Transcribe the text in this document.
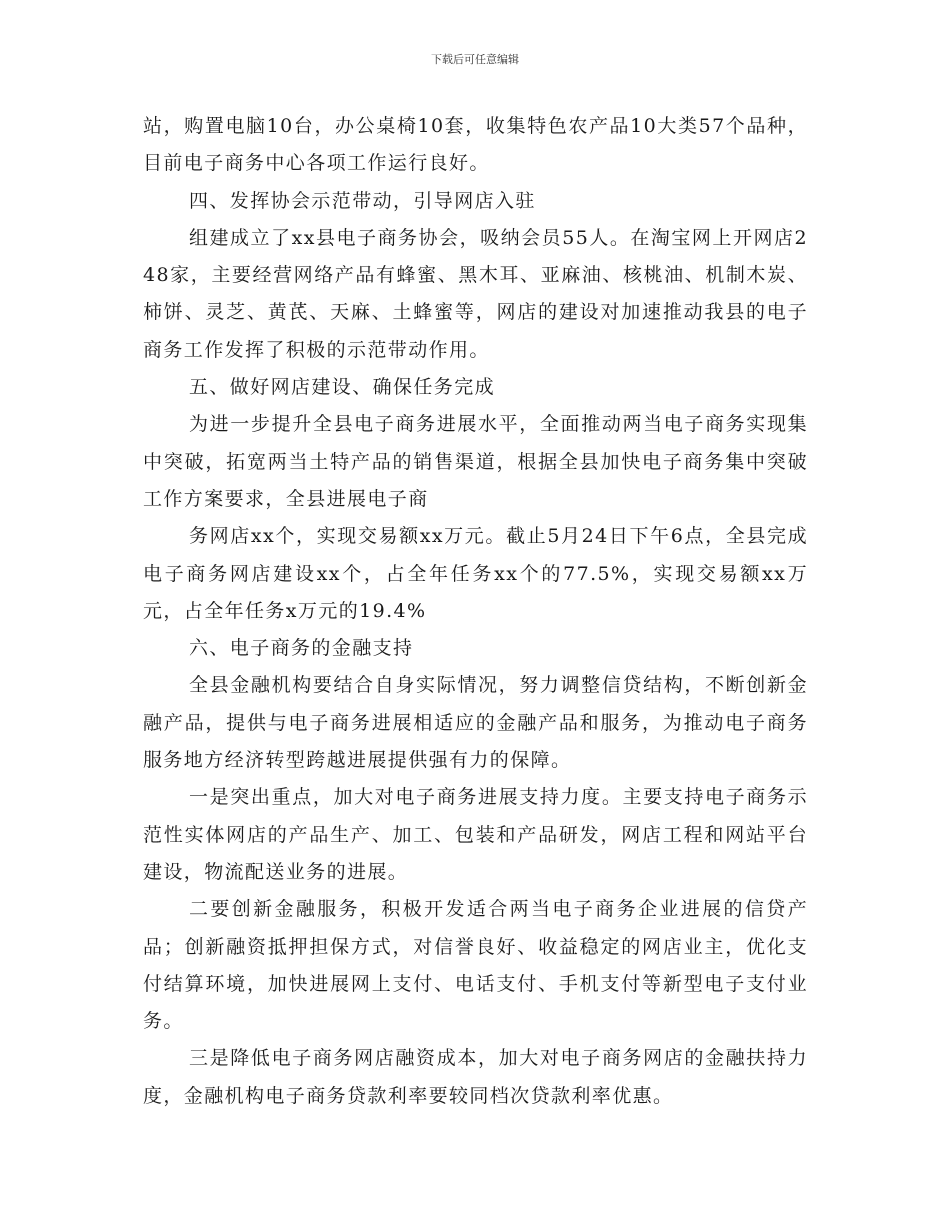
下载后可任意编辑

站，购置电脑10台，办公桌椅10套，收集特色农产品10大类57个品种，目前电子商务中心各项工作运行良好。

四、发挥协会示范带动，引导网店入驻

组建成立了xx县电子商务协会，吸纳会员55人。在淘宝网上开网店248家，主要经营网络产品有蜂蜜、黑木耳、亚麻油、核桃油、机制木炭、柿饼、灵芝、黄芪、天麻、土蜂蜜等，网店的建设对加速推动我县的电子商务工作发挥了积极的示范带动作用。

五、做好网店建设、确保任务完成

为进一步提升全县电子商务进展水平，全面推动两当电子商务实现集中突破，拓宽两当土特产品的销售渠道，根据全县加快电子商务集中突破工作方案要求，全县进展电子商

务网店xx个，实现交易额xx万元。截止5月24日下午6点，全县完成电子商务网店建设xx个，占全年任务xx个的77.5%，实现交易额xx万元，占全年任务x万元的19.4%

六、电子商务的金融支持

全县金融机构要结合自身实际情况，努力调整信贷结构，不断创新金融产品，提供与电子商务进展相适应的金融产品和服务，为推动电子商务服务地方经济转型跨越进展提供强有力的保障。

一是突出重点，加大对电子商务进展支持力度。主要支持电子商务示范性实体网店的产品生产、加工、包装和产品研发，网店工程和网站平台建设，物流配送业务的进展。

二要创新金融服务，积极开发适合两当电子商务企业进展的信贷产品；创新融资抵押担保方式，对信誉良好、收益稳定的网店业主，优化支付结算环境，加快进展网上支付、电话支付、手机支付等新型电子支付业务。

三是降低电子商务网店融资成本，加大对电子商务网店的金融扶持力度，金融机构电子商务贷款利率要较同档次贷款利率优惠。
